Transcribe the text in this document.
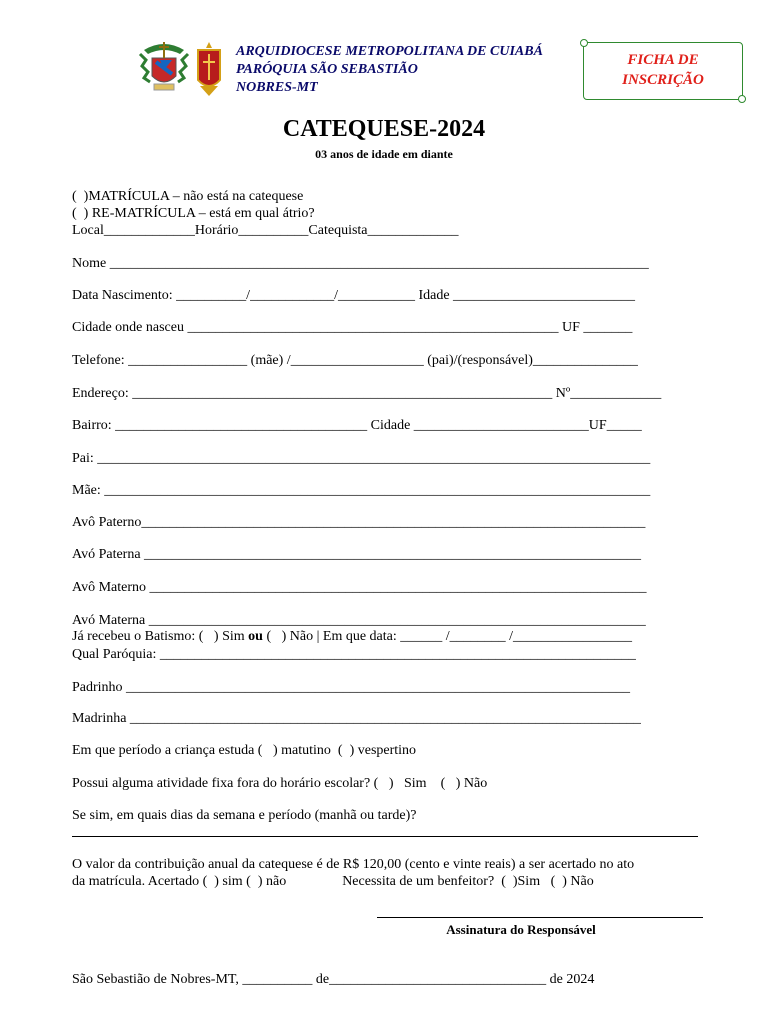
ARQUIDIOCESE METROPOLITANA DE CUIABÁ
PARÓQUIA SÃO SEBASTIÃO
NOBRES-MT
FICHA DE
INSCRIÇÃO
CATEQUESE-2024
03 anos de idade em diante
(  )MATRÍCULA – não está na catequese
(  ) RE-MATRÍCULA – está em qual átrio?
Local_____________Horário__________Catequista_____________
Nome _____________________________________________________________________________
Data Nascimento: __________/____________/___________ Idade __________________________
Cidade onde nasceu _____________________________________________________ UF _______
Telefone: _________________ (mãe) /___________________ (pai)/(responsável)_______________
Endereço: ____________________________________________________________ Nº_____________
Bairro: ____________________________________ Cidade _________________________UF_____
Pai: _______________________________________________________________________________
Mãe: ______________________________________________________________________________
Avô Paterno________________________________________________________________________
Avó Paterna _______________________________________________________________________
Avô Materno _______________________________________________________________________
Avó Materna _______________________________________________________________________
Já recebeu o Batismo: (   ) Sim ou (   ) Não | Em que data: ______ /________ /_________________
Qual Paróquia: ____________________________________________________________________
Padrinho ________________________________________________________________________
Madrinha _________________________________________________________________________
Em que período a criança estuda (   ) matutino  (  ) vespertino
Possui alguma atividade fixa fora do horário escolar? (   )   Sim    (   ) Não
Se sim, em quais dias da semana e período (manhã ou tarde)?
O valor da contribuição anual da catequese é de R$ 120,00 (cento e vinte reais) a ser acertado no ato
da matrícula. Acertado (  ) sim (  ) não                Necessita de um benfeitor?  (  )Sim   (  ) Não
Assinatura do Responsável
São Sebastião de Nobres-MT, __________ de_______________________________ de 2024
